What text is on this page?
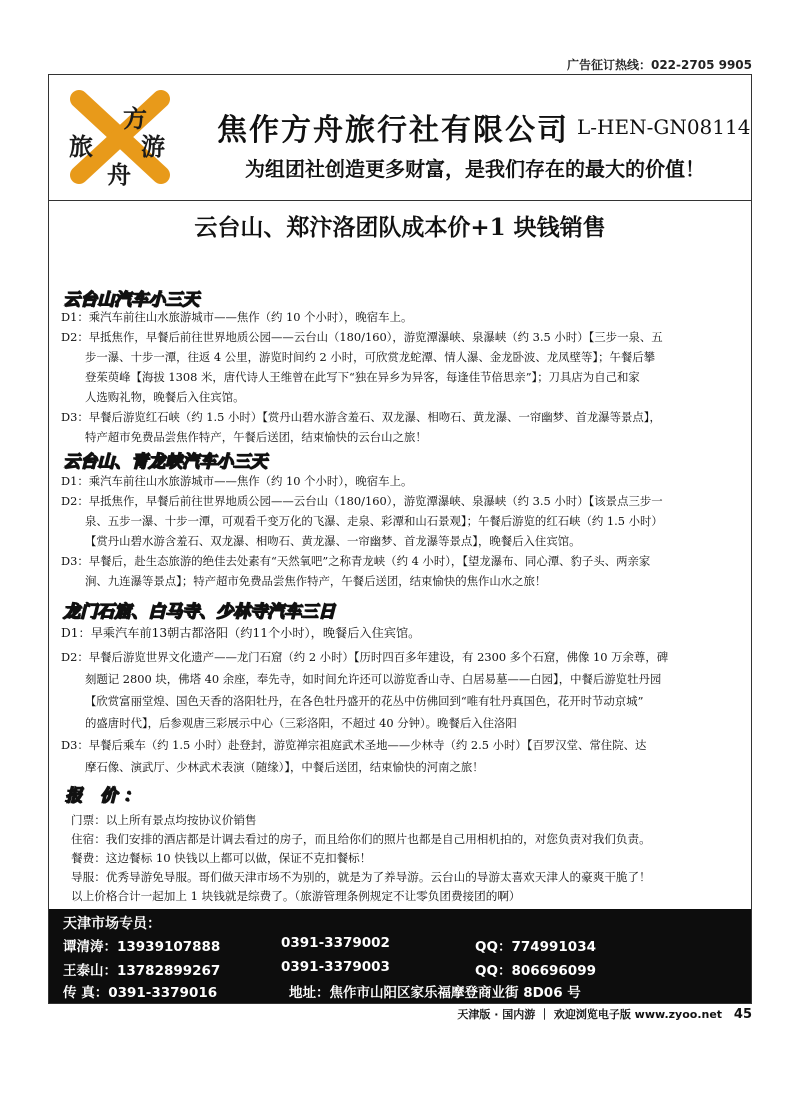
广告征订热线：022-2705 9905
方
旅 游
舟
焦作方舟旅行社有限公司 L-HEN-GN08114
为组团社创造更多财富，是我们存在的最大的价值！
云台山、郑汴洛团队成本价+1 块钱销售
云台山汽车小三天
D1：乘汽车前往山水旅游城市——焦作（约 10 个小时），晚宿车上。
D2：早抵焦作，早餐后前往世界地质公园——云台山（180/160），游览潭瀑峡、泉瀑峡（约 3.5 小时）【三步一泉、五
步一瀑、十步一潭，往返 4 公里，游览时间约 2 小时，可欣赏龙蛇潭、情人瀑、金龙卧波、龙凤壁等】；午餐后攀
登茱萸峰【海拔 1308 米，唐代诗人王维曾在此写下“独在异乡为异客，每逢佳节倍思亲”】；刀具店为自己和家
人选购礼物，晚餐后入住宾馆。
D3：早餐后游览红石峡（约 1.5 小时）【赏丹山碧水游含羞石、双龙瀑、相吻石、黄龙瀑、一帘幽梦、首龙瀑等景点】，
特产超市免费品尝焦作特产，午餐后送团，结束愉快的云台山之旅！
云台山、青龙峡汽车小三天
D1：乘汽车前往山水旅游城市——焦作（约 10 个小时），晚宿车上。
D2：早抵焦作，早餐后前往世界地质公园——云台山（180/160），游览潭瀑峡、泉瀑峡（约 3.5 小时）【该景点三步一
泉、五步一瀑、十步一潭，可观看千变万化的飞瀑、走泉、彩潭和山石景观】；午餐后游览的红石峡（约 1.5 小时）
【赏丹山碧水游含羞石、双龙瀑、相吻石、黄龙瀑、一帘幽梦、首龙瀑等景点】，晚餐后入住宾馆。
D3：早餐后，赴生态旅游的绝佳去处素有“天然氧吧”之称青龙峡（约 4 小时），【望龙瀑布、同心潭、豹子头、两亲家
涧、九连瀑等景点】；特产超市免费品尝焦作特产，午餐后送团，结束愉快的焦作山水之旅！
龙门石窟、白马寺、少林寺汽车三日
D1：早乘汽车前13朝古都洛阳（约11个小时），晚餐后入住宾馆。
D2：早餐后游览世界文化遗产——龙门石窟（约 2 小时）【历时四百多年建设，有 2300 多个石窟，佛像 10 万余尊，碑
刻题记 2800 块，佛塔 40 余座，奉先寺，如时间允许还可以游览香山寺、白居易墓——白园】，中餐后游览牡丹园
【欣赏富丽堂煌、国色天香的洛阳牡丹，在各色牡丹盛开的花丛中仿佛回到“唯有牡丹真国色，花开时节动京城”
的盛唐时代】，后参观唐三彩展示中心（三彩洛阳，不超过 40 分钟）。晚餐后入住洛阳
D3：早餐后乘车（约 1.5 小时）赴登封，游览禅宗祖庭武术圣地——少林寺（约 2.5 小时）【百罗汉堂、常住院、达
摩石像、演武厅、少林武术表演（随缘）】，中餐后送团，结束愉快的河南之旅！
报 价：
门票：以上所有景点均按协议价销售
住宿：我们安排的酒店都是计调去看过的房子，而且给你们的照片也都是自己用相机拍的，对您负责对我们负责。
餐费：这边餐标 10 快钱以上都可以做，保证不克扣餐标！
导服：优秀导游免导服。哥们做天津市场不为别的，就是为了养导游。云台山的导游太喜欢天津人的豪爽干脆了！
以上价格合计一起加上 1 块钱就是综费了。（旅游管理条例规定不让零负团费接团的啊）
天津市场专员：
谭清涛：13939107888	0391-3379002	QQ：774991034
王泰山：13782899267	0391-3379003	QQ：806696099
传 真：0391-3379016	地址：焦作市山阳区家乐福摩登商业街 8D06 号
天津版 · 国内游 ｜ 欢迎浏览电子版 www.zyoo.net 45
